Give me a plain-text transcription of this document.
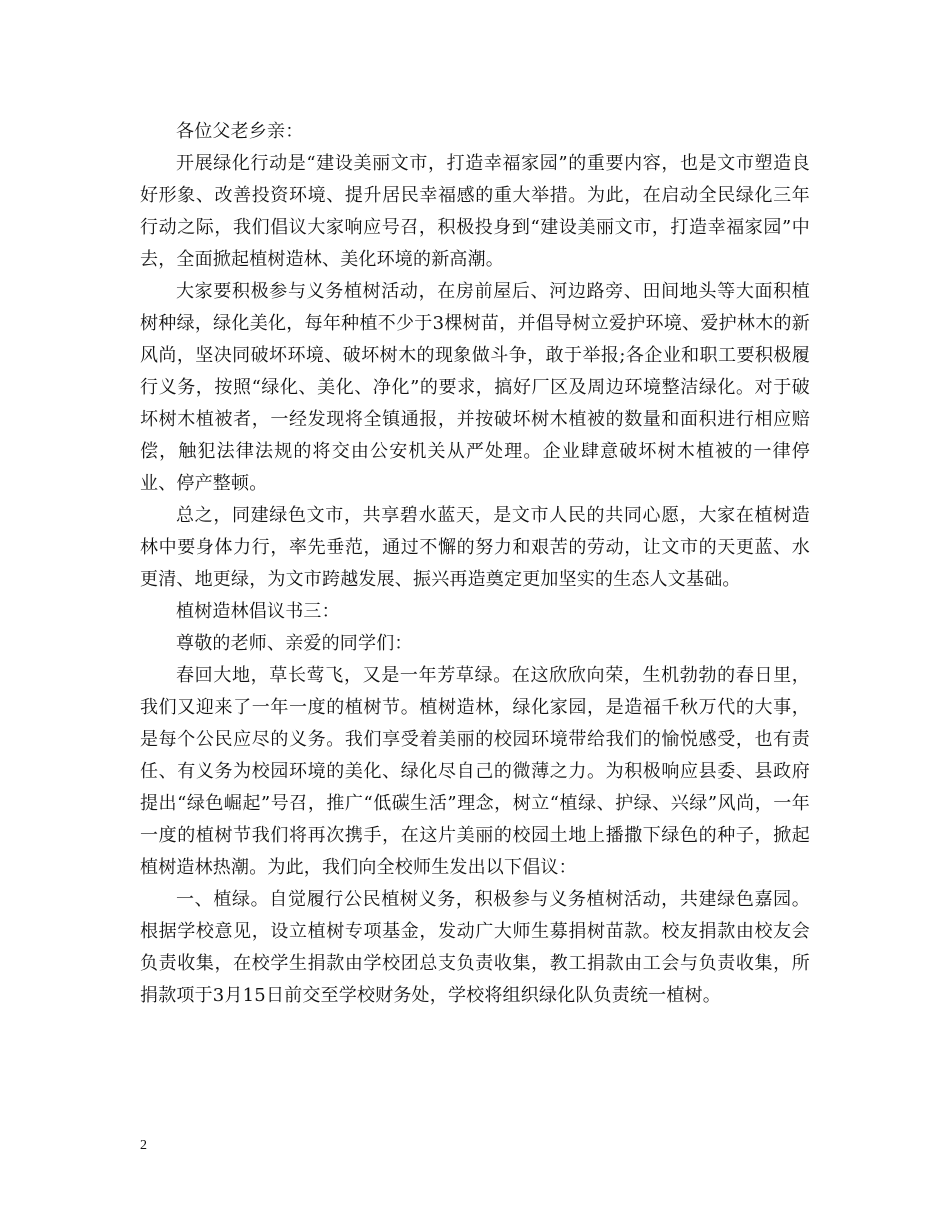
各位父老乡亲：

开展绿化行动是“建设美丽文市，打造幸福家园”的重要内容，也是文市塑造良好形象、改善投资环境、提升居民幸福感的重大举措。为此，在启动全民绿化三年行动之际，我们倡议大家响应号召，积极投身到“建设美丽文市，打造幸福家园”中去，全面掀起植树造林、美化环境的新高潮。

大家要积极参与义务植树活动，在房前屋后、河边路旁、田间地头等大面积植树种绿，绿化美化，每年种植不少于3棵树苗，并倡导树立爱护环境、爱护林木的新风尚，坚决同破坏环境、破坏树木的现象做斗争，敢于举报;各企业和职工要积极履行义务，按照“绿化、美化、净化”的要求，搞好厂区及周边环境整洁绿化。对于破坏树木植被者，一经发现将全镇通报，并按破坏树木植被的数量和面积进行相应赔偿，触犯法律法规的将交由公安机关从严处理。企业肆意破坏树木植被的一律停业、停产整顿。

总之，同建绿色文市，共享碧水蓝天，是文市人民的共同心愿，大家在植树造林中要身体力行，率先垂范，通过不懈的努力和艰苦的劳动，让文市的天更蓝、水更清、地更绿，为文市跨越发展、振兴再造奠定更加坚实的生态人文基础。

植树造林倡议书三：

尊敬的老师、亲爱的同学们：

春回大地，草长莺飞，又是一年芳草绿。在这欣欣向荣，生机勃勃的春日里，我们又迎来了一年一度的植树节。植树造林，绿化家园，是造福千秋万代的大事，是每个公民应尽的义务。我们享受着美丽的校园环境带给我们的愉悦感受，也有责任、有义务为校园环境的美化、绿化尽自己的微薄之力。为积极响应县委、县政府提出“绿色崛起”号召，推广“低碳生活”理念，树立“植绿、护绿、兴绿”风尚，一年一度的植树节我们将再次携手，在这片美丽的校园土地上播撒下绿色的种子，掀起植树造林热潮。为此，我们向全校师生发出以下倡议：

一、植绿。自觉履行公民植树义务，积极参与义务植树活动，共建绿色嘉园。根据学校意见，设立植树专项基金，发动广大师生募捐树苗款。校友捐款由校友会负责收集，在校学生捐款由学校团总支负责收集，教工捐款由工会与负责收集，所捐款项于3月15日前交至学校财务处，学校将组织绿化队负责统一植树。

2
